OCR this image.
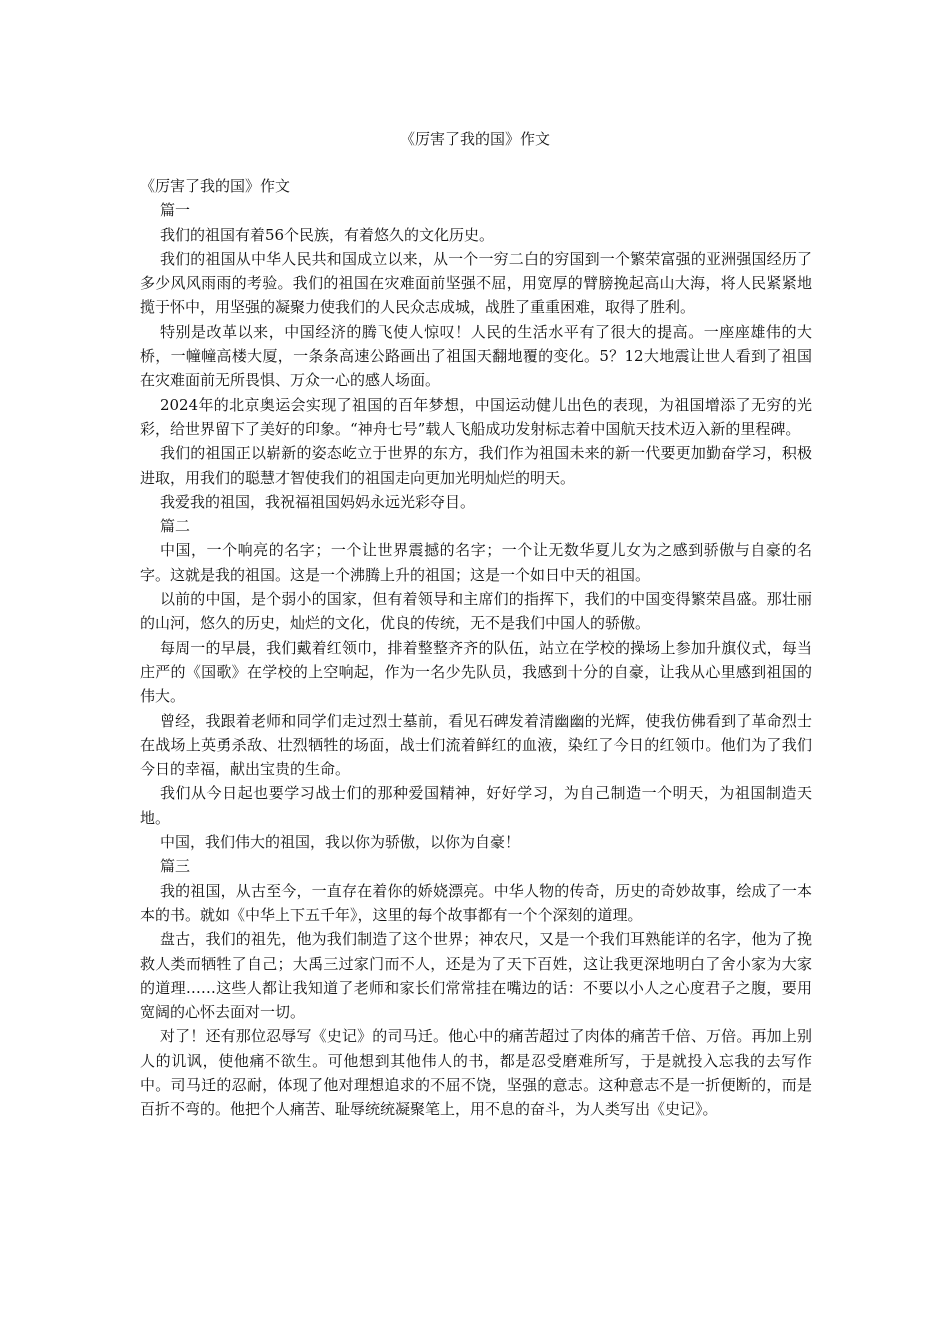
《厉害了我的国》作文

《厉害了我的国》作文

篇一

我们的祖国有着56个民族，有着悠久的文化历史。

我们的祖国从中华人民共和国成立以来，从一个一穷二白的穷国到一个繁荣富强的亚洲强国经历了多少风风雨雨的考验。我们的祖国在灾难面前坚强不屈，用宽厚的臂膀挽起高山大海，将人民紧紧地揽于怀中，用坚强的凝聚力使我们的人民众志成城，战胜了重重困难，取得了胜利。

特别是改革以来，中国经济的腾飞使人惊叹！人民的生活水平有了很大的提高。一座座雄伟的大桥，一幢幢高楼大厦，一条条高速公路画出了祖国天翻地覆的变化。5？12大地震让世人看到了祖国在灾难面前无所畏惧、万众一心的感人场面。

2024年的北京奥运会实现了祖国的百年梦想，中国运动健儿出色的表现，为祖国增添了无穷的光彩，给世界留下了美好的印象。“神舟七号”载人飞船成功发射标志着中国航天技术迈入新的里程碑。

我们的祖国正以崭新的姿态屹立于世界的东方，我们作为祖国未来的新一代要更加勤奋学习，积极进取，用我们的聪慧才智使我们的祖国走向更加光明灿烂的明天。

我爱我的祖国，我祝福祖国妈妈永远光彩夺目。

篇二

中国，一个响亮的名字；一个让世界震撼的名字；一个让无数华夏儿女为之感到骄傲与自豪的名字。这就是我的祖国。这是一个沸腾上升的祖国；这是一个如日中天的祖国。

以前的中国，是个弱小的国家，但有着领导和主席们的指挥下，我们的中国变得繁荣昌盛。那壮丽的山河，悠久的历史，灿烂的文化，优良的传统，无不是我们中国人的骄傲。

每周一的早晨，我们戴着红领巾，排着整整齐齐的队伍，站立在学校的操场上参加升旗仪式，每当庄严的《国歌》在学校的上空响起，作为一名少先队员，我感到十分的自豪，让我从心里感到祖国的伟大。

曾经，我跟着老师和同学们走过烈士墓前，看见石碑发着清幽幽的光辉，使我仿佛看到了革命烈士在战场上英勇杀敌、壮烈牺牲的场面，战士们流着鲜红的血液，染红了今日的红领巾。他们为了我们今日的幸福，献出宝贵的生命。

我们从今日起也要学习战士们的那种爱国精神，好好学习，为自己制造一个明天，为祖国制造天地。

中国，我们伟大的祖国，我以你为骄傲，以你为自豪！

篇三

我的祖国，从古至今，一直存在着你的娇娆漂亮。中华人物的传奇，历史的奇妙故事，绘成了一本本的书。就如《中华上下五千年》，这里的每个故事都有一个个深刻的道理。

盘古，我们的祖先，他为我们制造了这个世界；神农尺，又是一个我们耳熟能详的名字，他为了挽救人类而牺牲了自己；大禹三过家门而不人，还是为了天下百姓，这让我更深地明白了舍小家为大家的道理……这些人都让我知道了老师和家长们常常挂在嘴边的话：不要以小人之心度君子之腹，要用宽阔的心怀去面对一切。

对了！还有那位忍辱写《史记》的司马迁。他心中的痛苦超过了肉体的痛苦千倍、万倍。再加上别人的讥讽，使他痛不欲生。可他想到其他伟人的书，都是忍受磨难所写，于是就投入忘我的去写作中。司马迁的忍耐，体现了他对理想追求的不屈不饶，坚强的意志。这种意志不是一折便断的，而是百折不弯的。他把个人痛苦、耻辱统统凝聚笔上，用不息的奋斗，为人类写出《史记》。
